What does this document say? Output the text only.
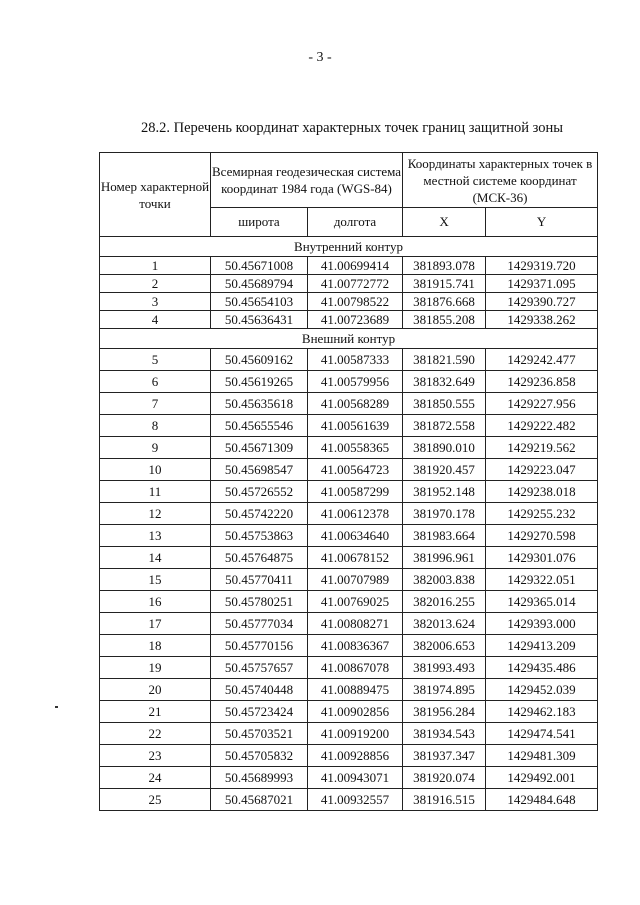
- 3 -
28.2. Перечень координат характерных точек границ защитной зоны
Номер характерной точки	Всемирная геодезическая система координат 1984 года (WGS-84)		Координаты характерных точек в местной системе координат (МСК-36)	
	широта	долгота	X	Y
Внутренний контур				
1	50.45671008	41.00699414	381893.078	1429319.720
2	50.45689794	41.00772772	381915.741	1429371.095
3	50.45654103	41.00798522	381876.668	1429390.727
4	50.45636431	41.00723689	381855.208	1429338.262
Внешний контур				
5	50.45609162	41.00587333	381821.590	1429242.477
6	50.45619265	41.00579956	381832.649	1429236.858
7	50.45635618	41.00568289	381850.555	1429227.956
8	50.45655546	41.00561639	381872.558	1429222.482
9	50.45671309	41.00558365	381890.010	1429219.562
10	50.45698547	41.00564723	381920.457	1429223.047
11	50.45726552	41.00587299	381952.148	1429238.018
12	50.45742220	41.00612378	381970.178	1429255.232
13	50.45753863	41.00634640	381983.664	1429270.598
14	50.45764875	41.00678152	381996.961	1429301.076
15	50.45770411	41.00707989	382003.838	1429322.051
16	50.45780251	41.00769025	382016.255	1429365.014
17	50.45777034	41.00808271	382013.624	1429393.000
18	50.45770156	41.00836367	382006.653	1429413.209
19	50.45757657	41.00867078	381993.493	1429435.486
20	50.45740448	41.00889475	381974.895	1429452.039
21	50.45723424	41.00902856	381956.284	1429462.183
22	50.45703521	41.00919200	381934.543	1429474.541
23	50.45705832	41.00928856	381937.347	1429481.309
24	50.45689993	41.00943071	381920.074	1429492.001
25	50.45687021	41.00932557	381916.515	1429484.648
